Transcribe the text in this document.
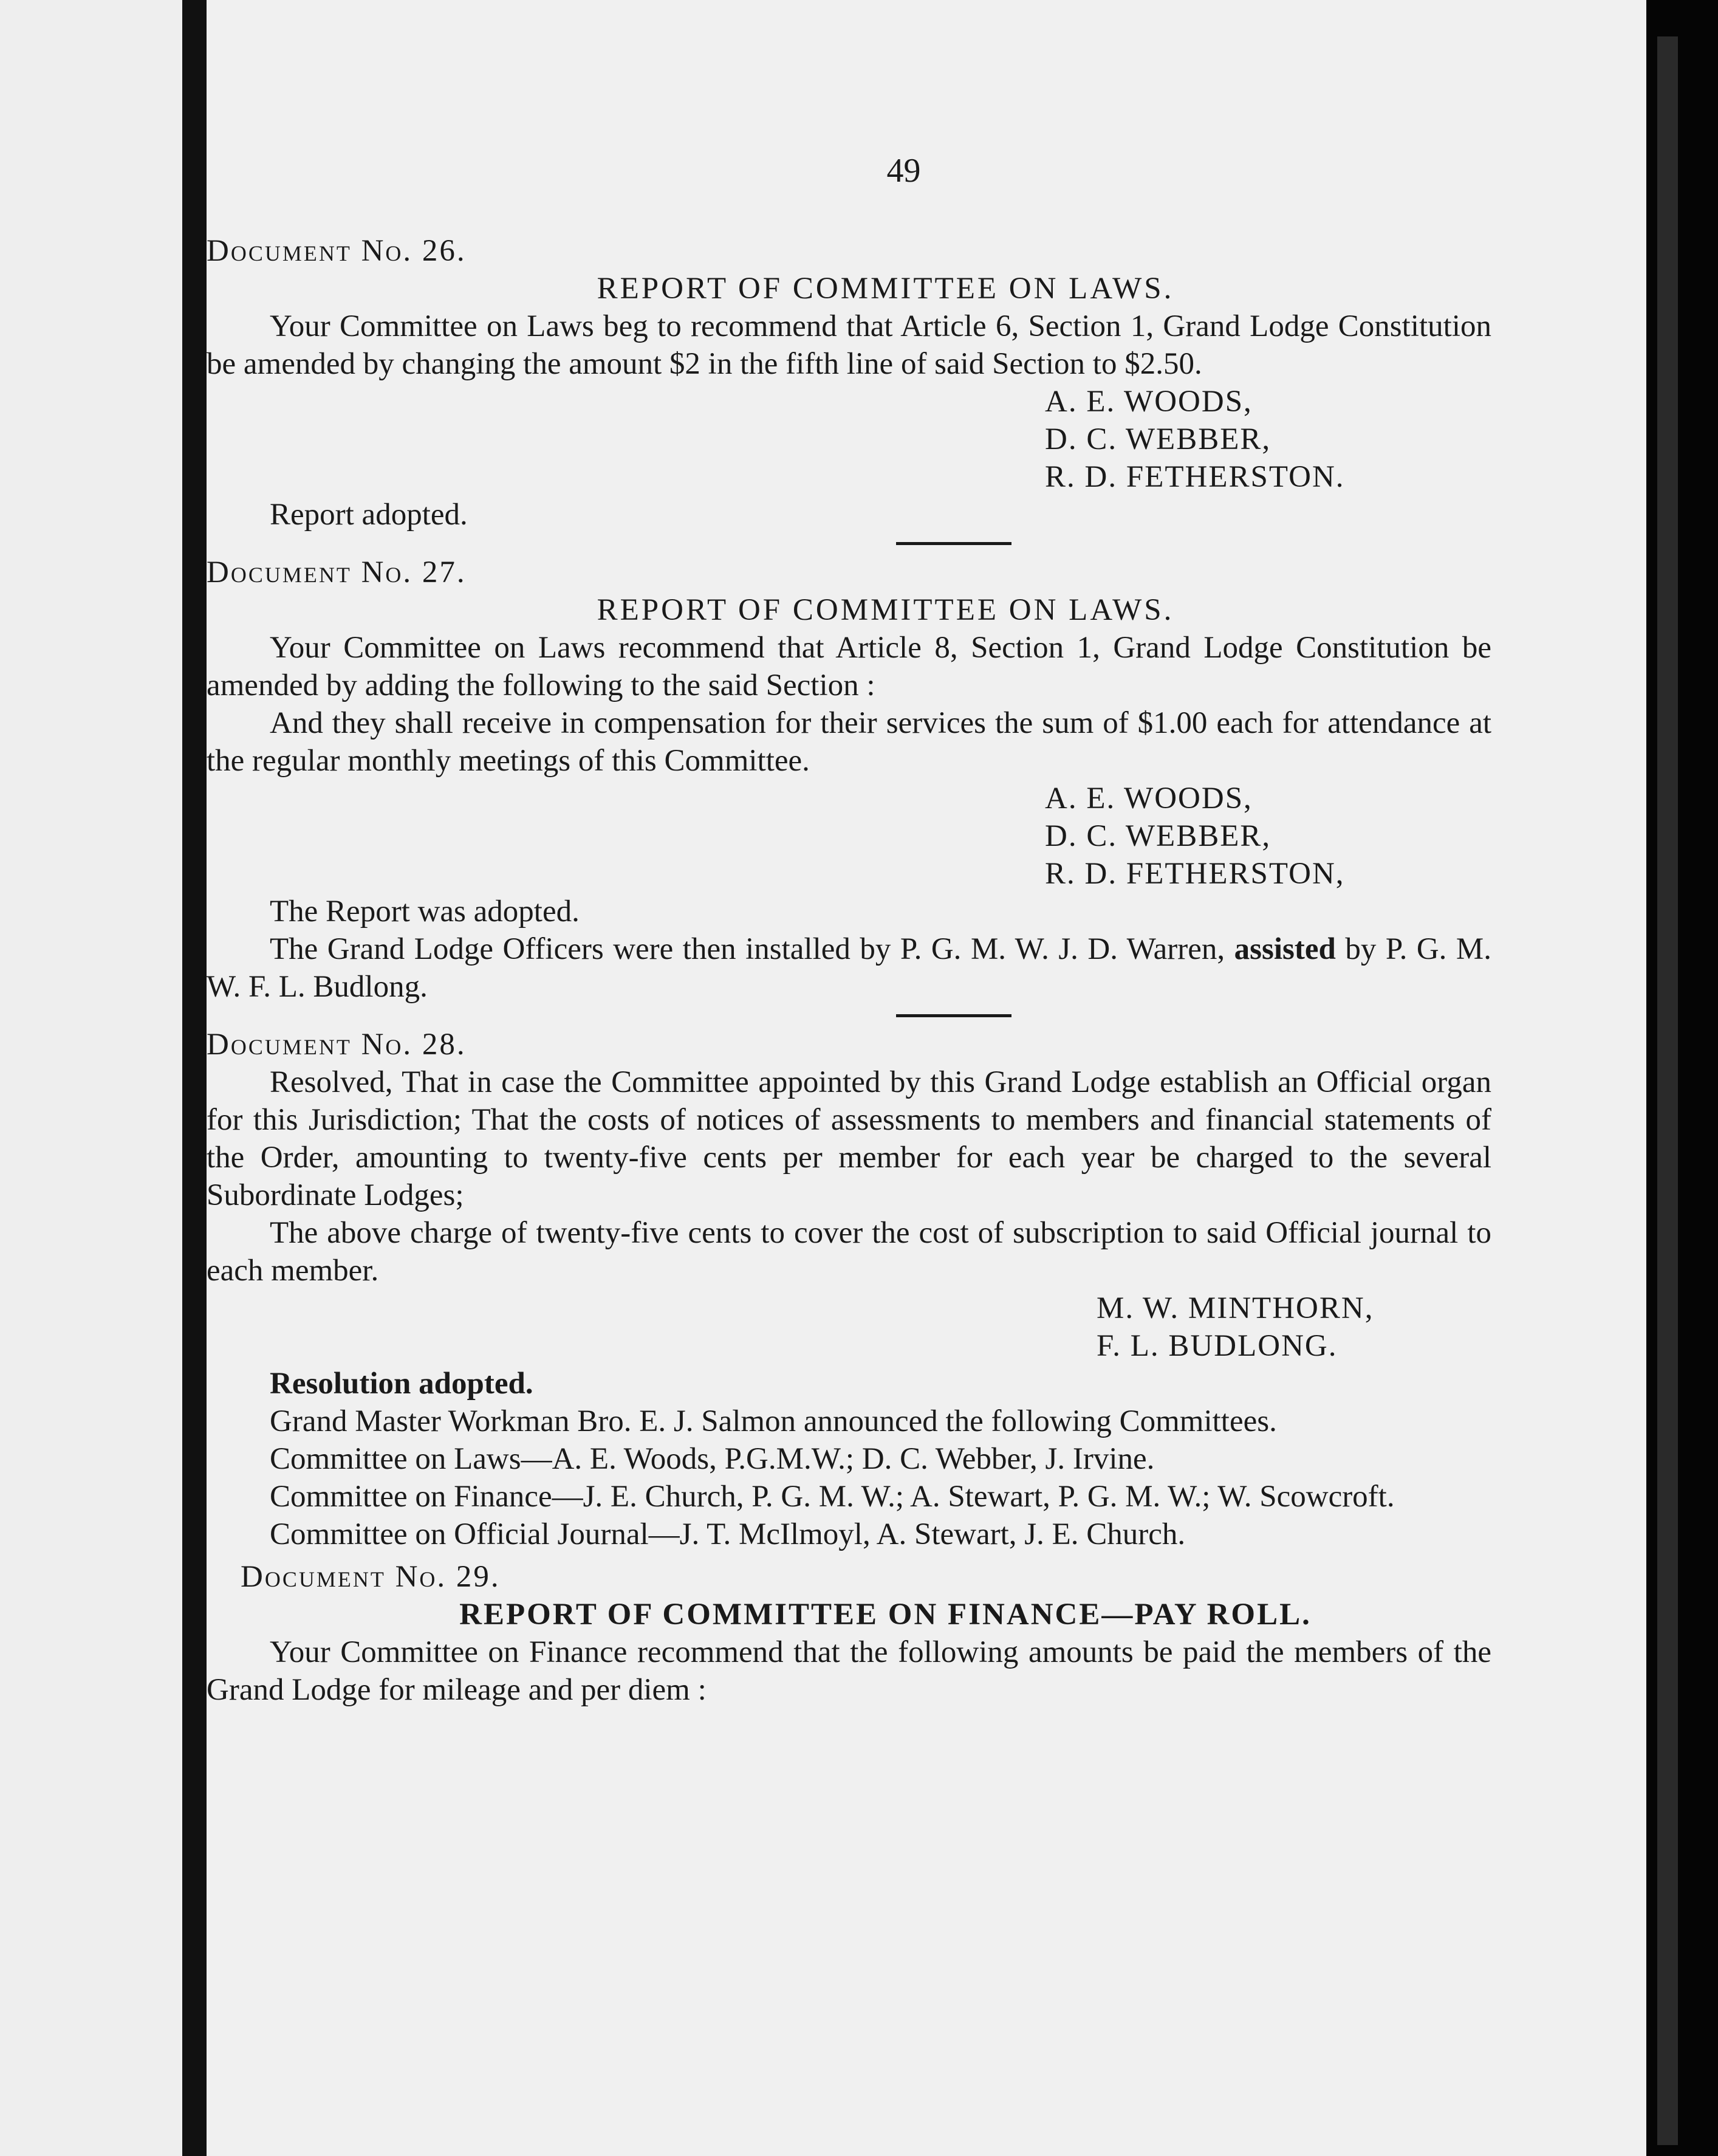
49
Document No. 26.
REPORT OF COMMITTEE ON LAWS.

Your Committee on Laws beg to recommend that Article 6, Section 1, Grand Lodge Constitution be amended by changing the amount $2 in the fifth line of said Section to $2.50.

A. E. WOODS,
D. C. WEBBER,
R. D. FETHERSTON.
Report adopted.
Document No. 27.
REPORT OF COMMITTEE ON LAWS.

Your Committee on Laws recommend that Article 8, Section 1, Grand Lodge Constitution be amended by adding the following to the said Section :

And they shall receive in compensation for their services the sum of $1.00 each for attendance at the regular monthly meetings of this Committee.

A. E. WOODS,
D. C. WEBBER,
R. D. FETHERSTON,
The Report was adopted.

The Grand Lodge Officers were then installed by P. G. M. W. J. D. Warren, assisted by P. G. M. W. F. L. Budlong.

Document No. 28.

Resolved, That in case the Committee appointed by this Grand Lodge establish an Official organ for this Jurisdiction; That the costs of notices of assessments to members and financial statements of the Order, amounting to twenty-five cents per member for each year be charged to the several Subordinate Lodges;

The above charge of twenty-five cents to cover the cost of subscription to said Official journal to each member.

M. W. MINTHORN,
F. L. BUDLONG.
Resolution adopted.

Grand Master Workman Bro. E. J. Salmon announced the following Committees.

Committee on Laws—A. E. Woods, P.G.M.W.; D. C. Webber, J. Irvine.

Committee on Finance—J. E. Church, P. G. M. W.; A. Stewart, P. G. M. W.; W. Scowcroft.

Committee on Official Journal—J. T. McIlmoyl, A. Stewart, J. E. Church.

Document No. 29.
REPORT OF COMMITTEE ON FINANCE—PAY ROLL.

Your Committee on Finance recommend that the following amounts be paid the members of the Grand Lodge for mileage and per diem :
